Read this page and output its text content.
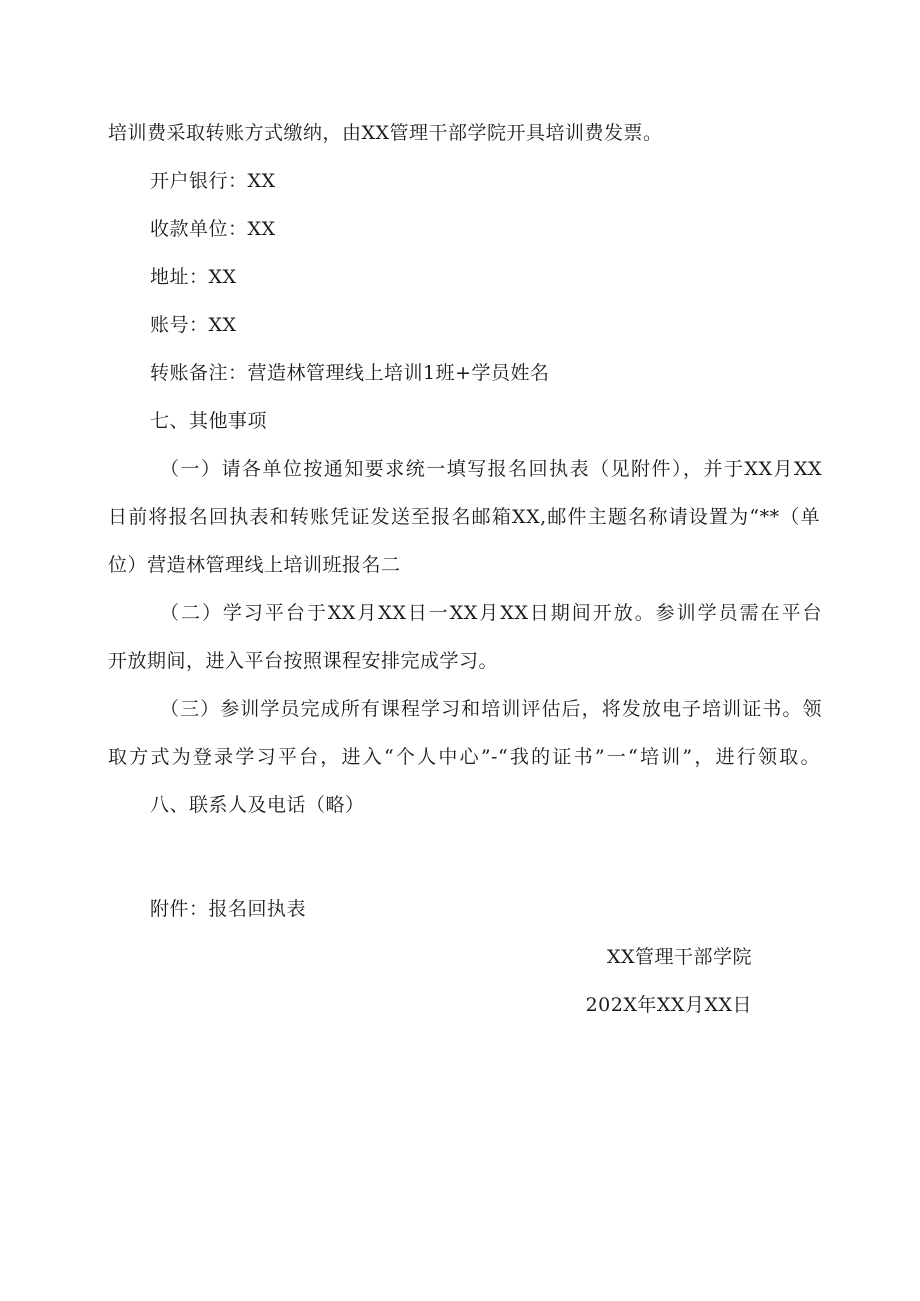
培训费采取转账方式缴纳，由XX管理干部学院开具培训费发票。
开户银行：XX
收款单位：XX
地址：XX
账号：XX
转账备注：营造林管理线上培训1班+学员姓名
七、其他事项
（一）请各单位按通知要求统一填写报名回执表（见附件），并于XX月XX
日前将报名回执表和转账凭证发送至报名邮箱XX,邮件主题名称请设置为“**（单
位）营造林管理线上培训班报名二
（二）学习平台于XX月XX日一XX月XX日期间开放。参训学员需在平台
开放期间，进入平台按照课程安排完成学习。
（三）参训学员完成所有课程学习和培训评估后，将发放电子培训证书。领
取方式为登录学习平台，进入“个人中心”-“我的证书”一“培训”，进行领取。
八、联系人及电话（略）
附件：报名回执表
XX管理干部学院
202X年XX月XX日
